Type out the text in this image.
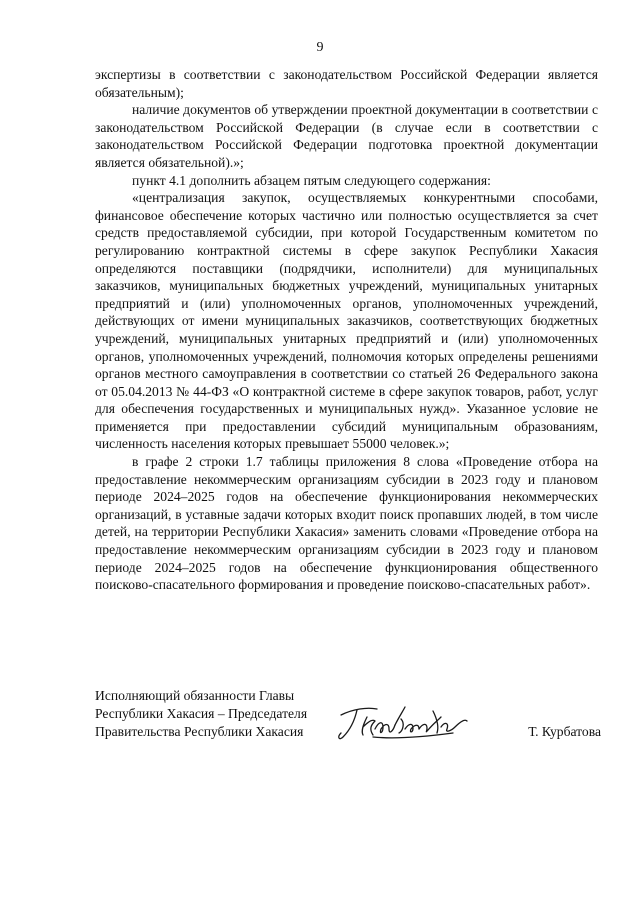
9

экспертизы в соответствии с законодательством Российской Федерации является обязательным);

наличие документов об утверждении проектной документации в соответствии с законодательством Российской Федерации (в случае если в соответствии с законодательством Российской Федерации подготовка проектной документации является обязательной).»;

пункт 4.1 дополнить абзацем пятым следующего содержания:

«централизация закупок, осуществляемых конкурентными способами, финансовое обеспечение которых частично или полностью осуществляется за счет средств предоставляемой субсидии, при которой Государственным комитетом по регулированию контрактной системы в сфере закупок Республики Хакасия определяются поставщики (подрядчики, исполнители) для муниципальных заказчиков, муниципальных бюджетных учреждений, муниципальных унитарных предприятий и (или) уполномоченных органов, уполномоченных учреждений, действующих от имени муниципальных заказчиков, соответствующих бюджетных учреждений, муниципальных унитарных предприятий и (или) уполномоченных органов, уполномоченных учреждений, полномочия которых определены решениями органов местного самоуправления в соответствии со статьей 26 Федерального закона от 05.04.2013 № 44-ФЗ «О контрактной системе в сфере закупок товаров, работ, услуг для обеспечения государственных и муниципальных нужд». Указанное условие не применяется при предоставлении субсидий муниципальным образованиям, численность населения которых превышает 55000 человек.»;

в графе 2 строки 1.7 таблицы приложения 8 слова «Проведение отбора на предоставление некоммерческим организациям субсидии в 2023 году и плановом периоде 2024–2025 годов на обеспечение функционирования некоммерческих организаций, в уставные задачи которых входит поиск пропавших людей, в том числе детей, на территории Республики Хакасия» заменить словами «Проведение отбора на предоставление некоммерческим организациям субсидии в 2023 году и плановом периоде 2024–2025 годов на обеспечение функционирования общественного поисково-спасательного формирования и проведение поисково-спасательных работ».

Исполняющий обязанности Главы
Республики Хакасия – Председателя
Правительства Республики Хакасия	Т. Курбатова
